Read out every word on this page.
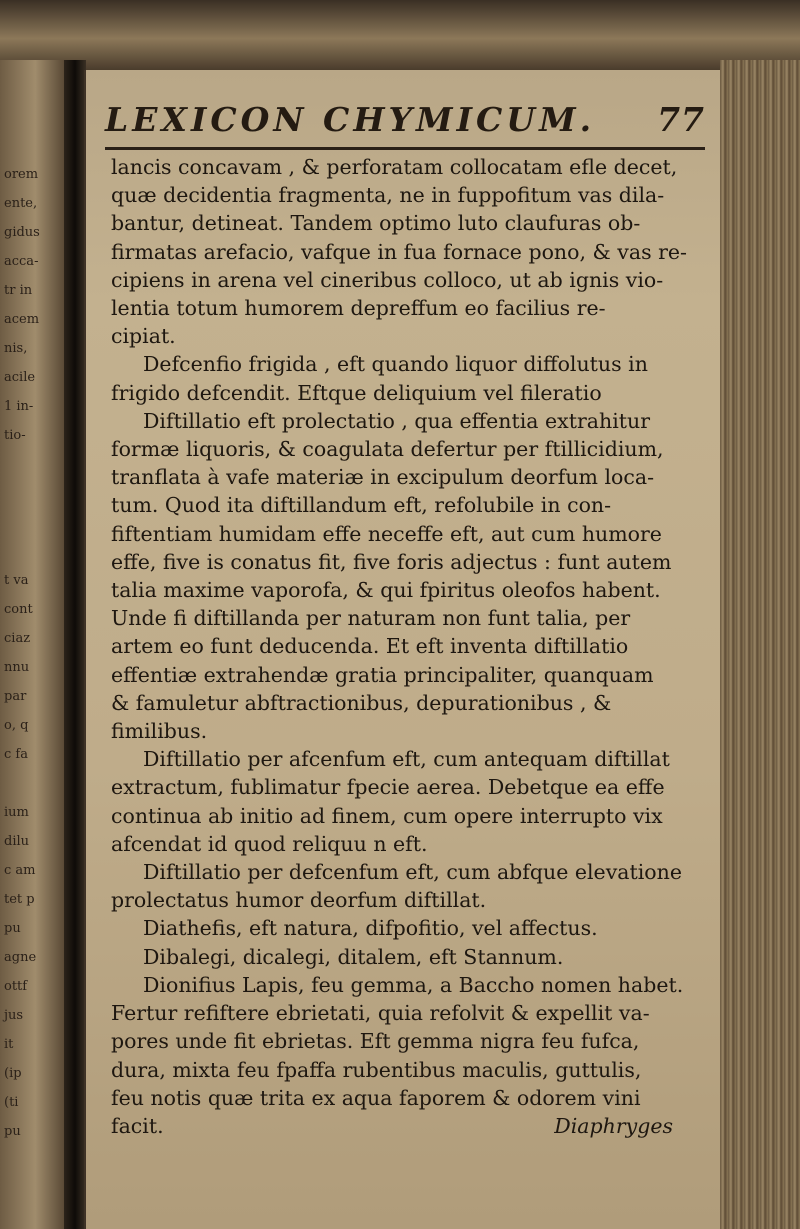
orem
ente,
gidus
acca-
tr in
acem
nis,
acile
1 in-
tio-

t va
cont
ciaz
nnu
par
o, q
c fa

ium
dilu
c am
tet p
pu
agne
ottf
jus
it
(ip
(ti
pu
LEXICON CHYMICUM. 77
lancis concavam , & perforatam collocatam efle decet,
quæ decidentia fragmenta, ne in fuppofitum vas dila-
bantur, detineat. Tandem optimo luto claufuras ob-
firmatas arefacio, vafque in fua fornace pono, & vas re-
cipiens in arena vel cineribus colloco, ut ab ignis vio-
lentia totum humorem depreffum eo facilius re-
cipiat.
Defcenfio frigida , eft quando liquor diffolutus in
frigido defcendit. Eftque deliquium vel fileratio
Diftillatio eft prolectatio , qua effentia extrahitur
formæ liquoris, & coagulata defertur per ftillicidium,
tranflata à vafe materiæ in excipulum deorfum loca-
tum. Quod ita diftillandum eft, refolubile in con-
fiftentiam humidam effe neceffe eft, aut cum humore
effe, five is conatus fit, five foris adjectus : funt autem
talia maxime vaporofa, & qui fpiritus oleofos habent.
Unde fi diftillanda per naturam non funt talia, per
artem eo funt deducenda. Et eft inventa diftillatio
effentiæ extrahendæ gratia principaliter, quanquam
& famuletur abftractionibus, depurationibus , &
fimilibus.
Diftillatio per afcenfum eft, cum antequam diftillat
extractum, fublimatur fpecie aerea. Debetque ea effe
continua ab initio ad finem, cum opere interrupto vix
afcendat id quod reliquu n eft.
Diftillatio per defcenfum eft, cum abfque elevatione
prolectatus humor deorfum diftillat.
Diathefis, eft natura, difpofitio, vel affectus.
Dibalegi, dicalegi, ditalem, eft Stannum.
Dionifius Lapis, feu gemma, a Baccho nomen habet.
Fertur refiftere ebrietati, quia refolvit & expellit va-
pores unde fit ebrietas. Eft gemma nigra feu fufca,
dura, mixta feu fpaffa rubentibus maculis, guttulis,
feu notis quæ trita ex aqua faporem & odorem vini
facit.	Diaphryges
